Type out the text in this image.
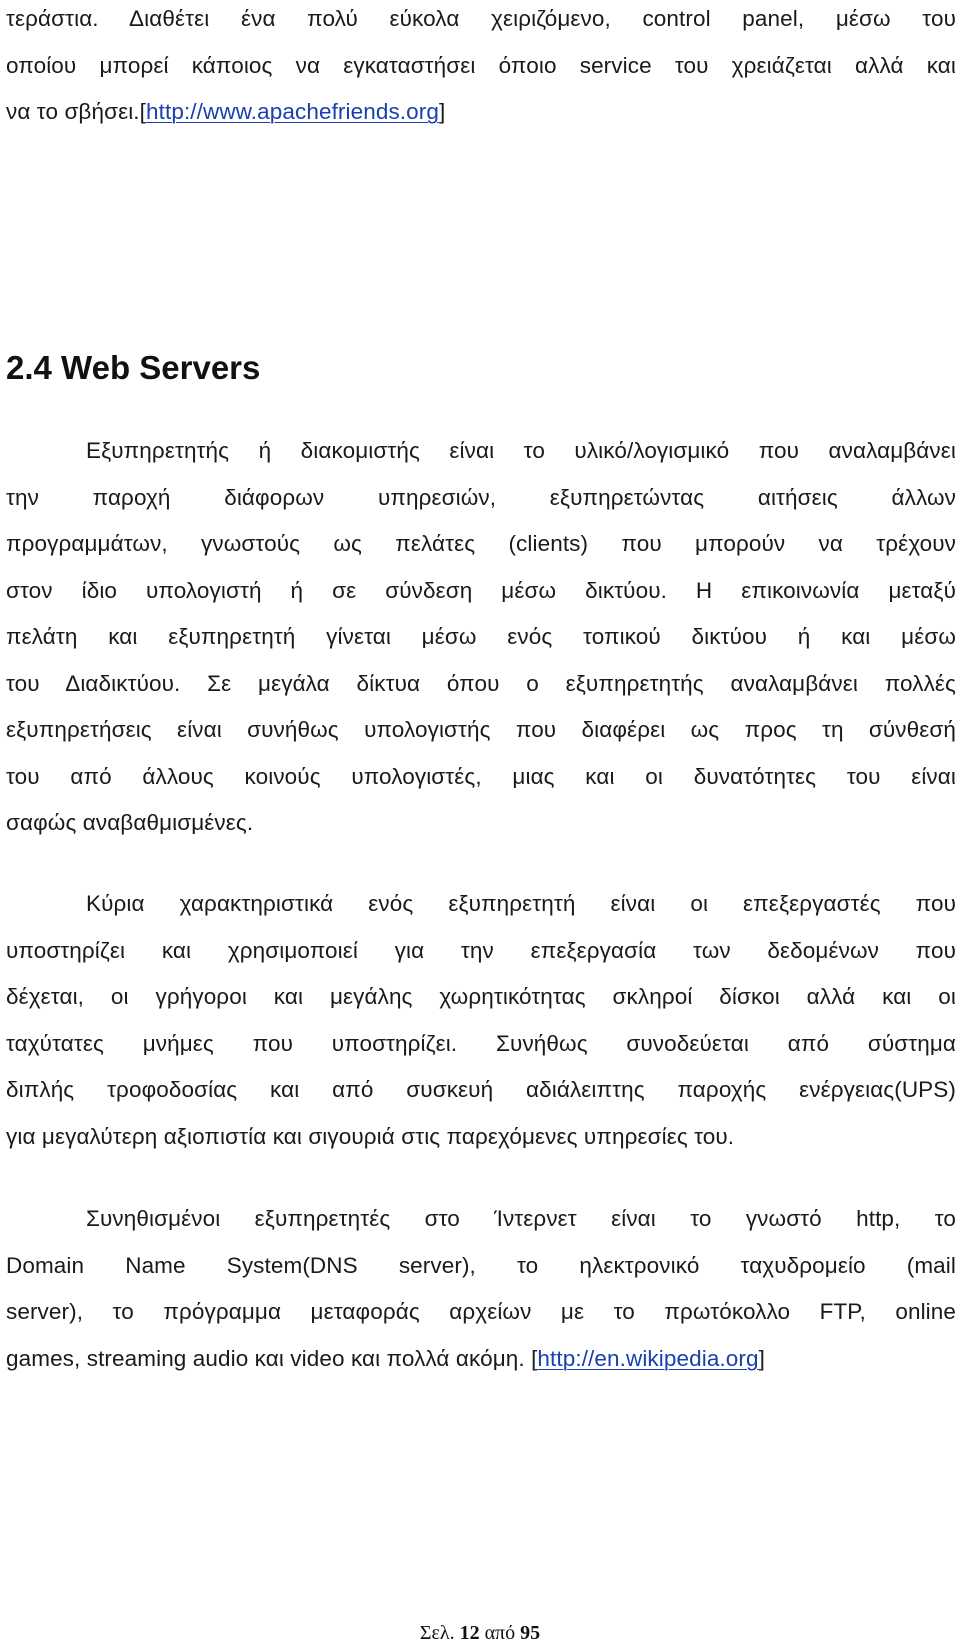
τεράστια. Διαθέτει ένα πολύ εύκολα χειριζόμενο, control panel, μέσω του
οποίου μπορεί κάποιος να εγκαταστήσει όποιο service του χρειάζεται αλλά και
να το σβήσει.[http://www.apachefriends.org]

2.4 Web Servers

Εξυπηρετητής ή διακομιστής είναι το υλικό/λογισμικό που αναλαμβάνει
την παροχή διάφορων υπηρεσιών, εξυπηρετώντας αιτήσεις άλλων
προγραμμάτων, γνωστούς ως πελάτες (clients) που μπορούν να τρέχουν
στον ίδιο υπολογιστή ή σε σύνδεση μέσω δικτύου. Η επικοινωνία μεταξύ
πελάτη και εξυπηρετητή γίνεται μέσω ενός τοπικού δικτύου ή και μέσω
του Διαδικτύου. Σε μεγάλα δίκτυα όπου ο εξυπηρετητής αναλαμβάνει πολλές
εξυπηρετήσεις είναι συνήθως υπολογιστής που διαφέρει ως προς τη σύνθεσή
του από άλλους κοινούς υπολογιστές, μιας και οι δυνατότητες του είναι
σαφώς αναβαθμισμένες.

Κύρια χαρακτηριστικά ενός εξυπηρετητή είναι οι επεξεργαστές που
υποστηρίζει και χρησιμοποιεί για την επεξεργασία των δεδομένων που
δέχεται, οι γρήγοροι και μεγάλης χωρητικότητας σκληροί δίσκοι αλλά και οι
ταχύτατες μνήμες που υποστηρίζει. Συνήθως συνοδεύεται από σύστημα
διπλής τροφοδοσίας και από συσκευή αδιάλειπτης παροχής ενέργειας(UPS)
για μεγαλύτερη αξιοπιστία και σιγουριά στις παρεχόμενες υπηρεσίες του.

Συνηθισμένοι εξυπηρετητές στο Ίντερνετ είναι το γνωστό http, το
Domain Name System(DNS server), το ηλεκτρονικό ταχυδρομείο (mail
server), το πρόγραμμα μεταφοράς αρχείων με το πρωτόκολλο FTP, online
games, streaming audio και video και πολλά ακόμη. [http://en.wikipedia.org]

Σελ. 12 από 95
